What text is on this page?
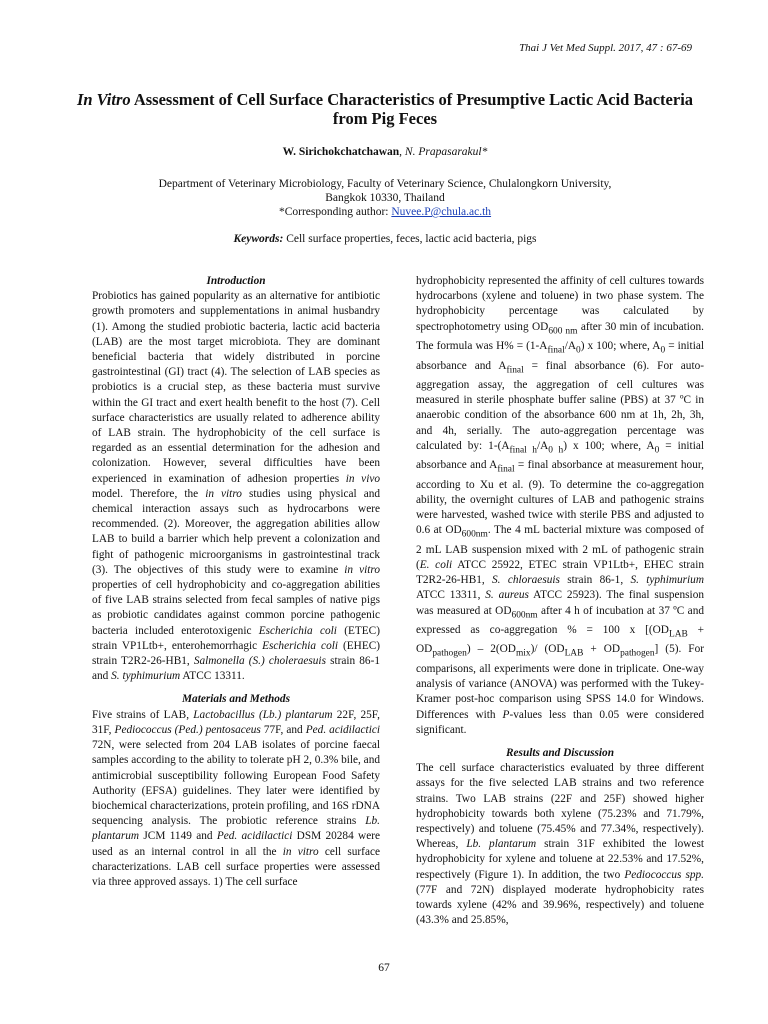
Thai J Vet Med Suppl. 2017, 47 : 67-69
In Vitro Assessment of Cell Surface Characteristics of Presumptive Lactic Acid Bacteria from Pig Feces
W. Sirichokchatchawan, N. Prapasarakul*
Department of Veterinary Microbiology, Faculty of Veterinary Science, Chulalongkorn University,
Bangkok 10330, Thailand
*Corresponding author: Nuvee.P@chula.ac.th
Keywords: Cell surface properties, feces, lactic acid bacteria, pigs

Introduction

Probiotics has gained popularity as an alternative for antibiotic growth promoters and supplementations in animal husbandry (1). Among the studied probiotic bacteria, lactic acid bacteria (LAB) are the most target microbiota. They are dominant beneficial bacteria that widely distributed in porcine gastrointestinal (GI) tract (4). The selection of LAB species as probiotics is a crucial step, as these bacteria must survive within the GI tract and exert health benefit to the host (7). Cell surface characteristics are usually related to adherence ability of LAB strain. The hydrophobicity of the cell surface is regarded as an essential determination for the adhesion and colonization. However, several difficulties have been experienced in examination of adhesion properties in vivo model. Therefore, the in vitro studies using physical and chemical interaction assays such as hydrocarbons were recommended. (2). Moreover, the aggregation abilities allow LAB to build a barrier which help prevent a colonization and fight of pathogenic microorganisms in gastrointestinal track (3). The objectives of this study were to examine in vitro properties of cell hydrophobicity and co-aggregation abilities of five LAB strains selected from fecal samples of native pigs as probiotic candidates against common porcine pathogenic bacteria included enterotoxigenic Escherichia coli (ETEC) strain VP1Ltb+, enterohemorrhagic Escherichia coli (EHEC) strain T2R2-26-HB1, Salmonella (S.) choleraesuis strain 86-1 and S. typhimurium ATCC 13311.

Materials and Methods

Five strains of LAB, Lactobacillus (Lb.) plantarum 22F, 25F, 31F, Pediococcus (Ped.) pentosaceus 77F, and Ped. acidilactici 72N, were selected from 204 LAB isolates of porcine faecal samples according to the ability to tolerate pH 2, 0.3% bile, and antimicrobial susceptibility following European Food Safety Authority (EFSA) guidelines. They later were identified by biochemical characterizations, protein profiling, and 16S rDNA sequencing analysis. The probiotic reference strains Lb. plantarum JCM 1149 and Ped. acidilactici DSM 20284 were used as an internal control in all the in vitro cell surface characterizations. LAB cell surface properties were assessed via three approved assays. 1) The cell surface

hydrophobicity represented the affinity of cell cultures towards hydrocarbons (xylene and toluene) in two phase system. The hydrophobicity percentage was calculated by spectrophotometry using $OD_{600 nm}$ after 30 min of incubation. The formula was $H\% = (1-A_{final}/A_0)$ x 100; where, $A_0$ = initial absorbance and $A_{final}$ = final absorbance (6). For auto-aggregation assay, the aggregation of cell cultures was measured in sterile phosphate buffer saline (PBS) at 37 ºC in anaerobic condition of the absorbance 600 nm at 1h, 2h, 3h, and 4h, serially. The auto-aggregation percentage was calculated by: $1-(A_{final h}/A_{0 h})$ x 100; where, $A_0$ = initial absorbance and $A_{final}$ = final absorbance at measurement hour, according to Xu et al. (9). To determine the co-aggregation ability, the overnight cultures of LAB and pathogenic strains were harvested, washed twice with sterile PBS and adjusted to 0.6 at $OD_{600nm}$. The 4 mL bacterial mixture was composed of 2 mL LAB suspension mixed with 2 mL of pathogenic strain (E. coli ATCC 25922, ETEC strain VP1Ltb+, EHEC strain T2R2-26-HB1, S. chloraesuis strain 86-1, S. typhimurium ATCC 13311, S. aureus ATCC 25923). The final suspension was measured at $OD_{600nm}$ after 4 h of incubation at 37 ºC and expressed as co-aggregation % = 100 x [$(OD_{LAB} + OD_{pathogen}) - 2(OD_{mix})/$ $(OD_{LAB} + OD_{pathogen}]$ (5). For comparisons, all experiments were done in triplicate. One-way analysis of variance (ANOVA) was performed with the Tukey-Kramer post-hoc comparison using SPSS 14.0 for Windows. Differences with P-values less than 0.05 were considered significant.

Results and Discussion

The cell surface characteristics evaluated by three different assays for the five selected LAB strains and two reference strains. Two LAB strains (22F and 25F) showed higher hydrophobicity towards both xylene (75.23% and 71.79%, respectively) and toluene (75.45% and 77.34%, respectively). Whereas, Lb. plantarum strain 31F exhibited the lowest hydrophobicity for xylene and toluene at 22.53% and 17.52%, respectively (Figure 1). In addition, the two Pediococcus spp. (77F and 72N) displayed moderate hydrophobicity rates towards xylene (42% and 39.96%, respectively) and toluene (43.3% and 25.85%,

67
